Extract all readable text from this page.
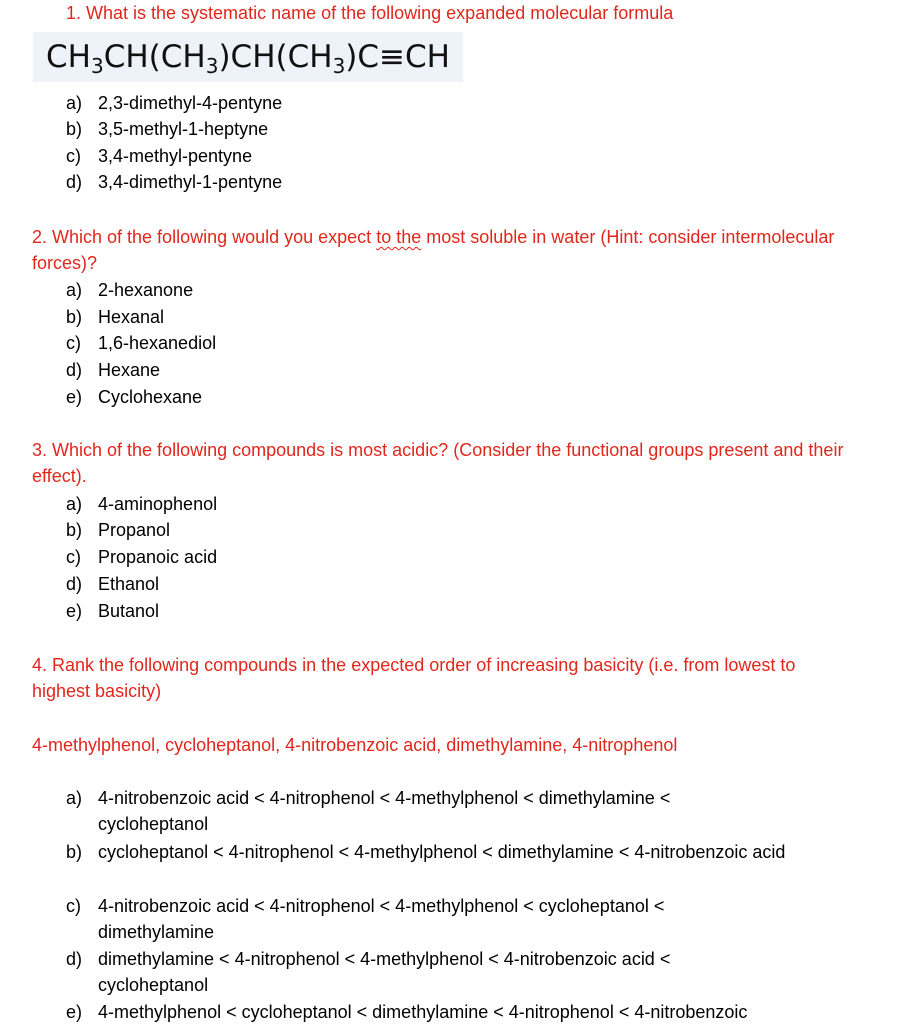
1. What is the systematic name of the following expanded molecular formula
$CH_3CH(CH_3)CH(CH_3)C\equiv CH$
a) 2,3-dimethyl-4-pentyne
b) 3,5-methyl-1-heptyne
c) 3,4-methyl-pentyne
d) 3,4-dimethyl-1-pentyne
2. Which of the following would you expect to the most soluble in water (Hint: consider intermolecular forces)?
a) 2-hexanone
b) Hexanal
c) 1,6-hexanediol
d) Hexane
e) Cyclohexane
3. Which of the following compounds is most acidic? (Consider the functional groups present and their effect).
a) 4-aminophenol
b) Propanol
c) Propanoic acid
d) Ethanol
e) Butanol
4. Rank the following compounds in the expected order of increasing basicity (i.e. from lowest to highest basicity)
4-methylphenol, cycloheptanol, 4-nitrobenzoic acid, dimethylamine, 4-nitrophenol
a) 4-nitrobenzoic acid < 4-nitrophenol < 4-methylphenol < dimethylamine < cycloheptanol
b) cycloheptanol < 4-nitrophenol < 4-methylphenol < dimethylamine < 4-nitrobenzoic acid
c) 4-nitrobenzoic acid < 4-nitrophenol < 4-methylphenol < cycloheptanol < dimethylamine
d) dimethylamine < 4-nitrophenol < 4-methylphenol < 4-nitrobenzoic acid < cycloheptanol
e) 4-methylphenol < cycloheptanol < dimethylamine < 4-nitrophenol < 4-nitrobenzoic
